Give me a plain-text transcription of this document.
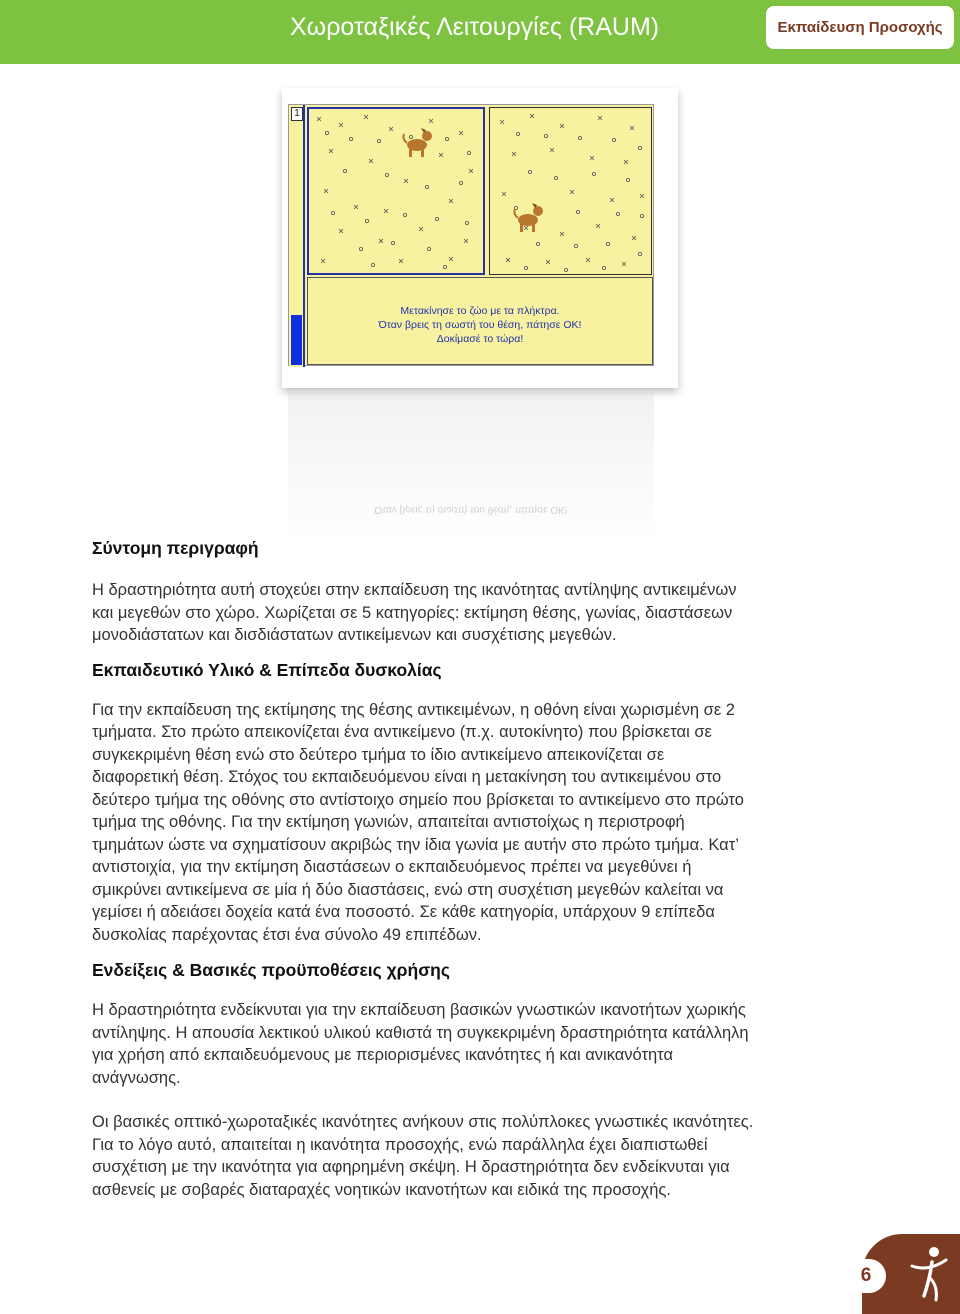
Χωροταξικές Λειτουργίες (RAUM)	Εκπαίδευση Προσοχής
1
Μετακίνησε το ζώο με τα πλήκτρα.
Όταν βρεις τη σωστή του θέση, πάτησε ΟΚ!
Δοκίμασέ το τώρα!
Όταν βρεις τη σωστή του θέση, πάτησε ΟΚ!
Σύντομη περιγραφή
Η δραστηριότητα αυτή στοχεύει στην εκπαίδευση της ικανότητας αντίληψης αντικειμένων
και μεγεθών στο χώρο. Χωρίζεται σε 5 κατηγορίες: εκτίμηση θέσης, γωνίας, διαστάσεων
μονοδιάστατων και δισδιάστατων αντικείμενων και συσχέτισης μεγεθών.
Εκπαιδευτικό Υλικό & Επίπεδα δυσκολίας
Για την εκπαίδευση της εκτίμησης της θέσης αντικειμένων, η οθόνη είναι χωρισμένη σε 2
τμήματα. Στο πρώτο απεικονίζεται ένα αντικείμενο (π.χ. αυτοκίνητο) που βρίσκεται σε
συγκεκριμένη θέση ενώ στο δεύτερο τμήμα το ίδιο αντικείμενο απεικονίζεται σε
διαφορετική θέση. Στόχος του εκπαιδευόμενου είναι η μετακίνηση του αντικειμένου στο
δεύτερο τμήμα της οθόνης στο αντίστοιχο σημείο που βρίσκεται το αντικείμενο στο πρώτο
τμήμα της οθόνης. Για την εκτίμηση γωνιών, απαιτείται αντιστοίχως η περιστροφή
τμημάτων ώστε να σχηματίσουν ακριβώς την ίδια γωνία με αυτήν στο πρώτο τμήμα. Κατ’
αντιστοιχία, για την εκτίμηση διαστάσεων ο εκπαιδευόμενος πρέπει να μεγεθύνει ή
σμικρύνει αντικείμενα σε μία ή δύο διαστάσεις, ενώ στη συσχέτιση μεγεθών καλείται να
γεμίσει ή αδειάσει δοχεία κατά ένα ποσοστό. Σε κάθε κατηγορία, υπάρχουν 9 επίπεδα
δυσκολίας παρέχοντας έτσι ένα σύνολο 49 επιπέδων.
Ενδείξεις & Βασικές προϋποθέσεις χρήσης
Η δραστηριότητα ενδείκνυται για την εκπαίδευση βασικών γνωστικών ικανοτήτων χωρικής
αντίληψης. Η απουσία λεκτικού υλικού καθιστά τη συγκεκριμένη δραστηριότητα κατάλληλη
για χρήση από εκπαιδευόμενους με περιορισμένες ικανότητες ή και ανικανότητα
ανάγνωσης.
Οι βασικές οπτικό-χωροταξικές ικανότητες ανήκουν στις πολύπλοκες γνωστικές ικανότητες.
Για το λόγο αυτό, απαιτείται η ικανότητα προσοχής, ενώ παράλληλα έχει διαπιστωθεί
συσχέτιση με την ικανότητα για αφηρημένη σκέψη. Η δραστηριότητα δεν ενδείκνυται για
ασθενείς με σοβαρές διαταραχές νοητικών ικανοτήτων και ειδικά της προσοχής.
6
